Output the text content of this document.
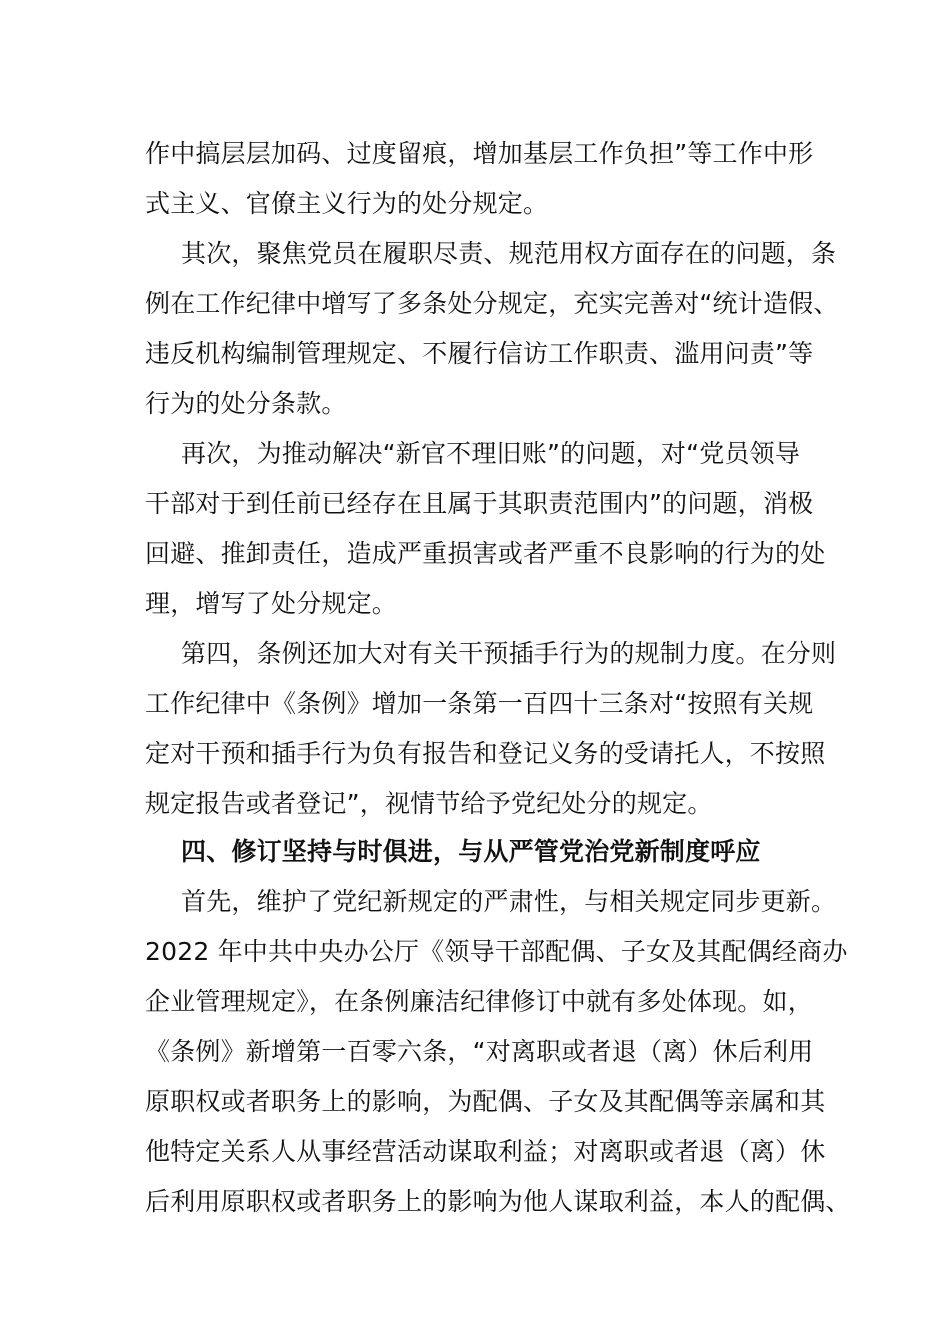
作中搞层层加码、过度留痕，增加基层工作负担”等工作中形
式主义、官僚主义行为的处分规定。
其次，聚焦党员在履职尽责、规范用权方面存在的问题，条
例在工作纪律中增写了多条处分规定，充实完善对“统计造假、
违反机构编制管理规定、不履行信访工作职责、滥用问责”等
行为的处分条款。
再次，为推动解决“新官不理旧账”的问题，对“党员领导
干部对于到任前已经存在且属于其职责范围内”的问题，消极
回避、推卸责任，造成严重损害或者严重不良影响的行为的处
理，增写了处分规定。
第四，条例还加大对有关干预插手行为的规制力度。在分则
工作纪律中《条例》增加一条第一百四十三条对“按照有关规
定对干预和插手行为负有报告和登记义务的受请托人，不按照
规定报告或者登记”，视情节给予党纪处分的规定。
四、修订坚持与时俱进，与从严管党治党新制度呼应
首先，维护了党纪新规定的严肃性，与相关规定同步更新。
2022 年中共中央办公厅《领导干部配偶、子女及其配偶经商办
企业管理规定》，在条例廉洁纪律修订中就有多处体现。如，
《条例》新增第一百零六条，“对离职或者退（离）休后利用
原职权或者职务上的影响，为配偶、子女及其配偶等亲属和其
他特定关系人从事经营活动谋取利益；对离职或者退（离）休
后利用原职权或者职务上的影响为他人谋取利益，本人的配偶、
